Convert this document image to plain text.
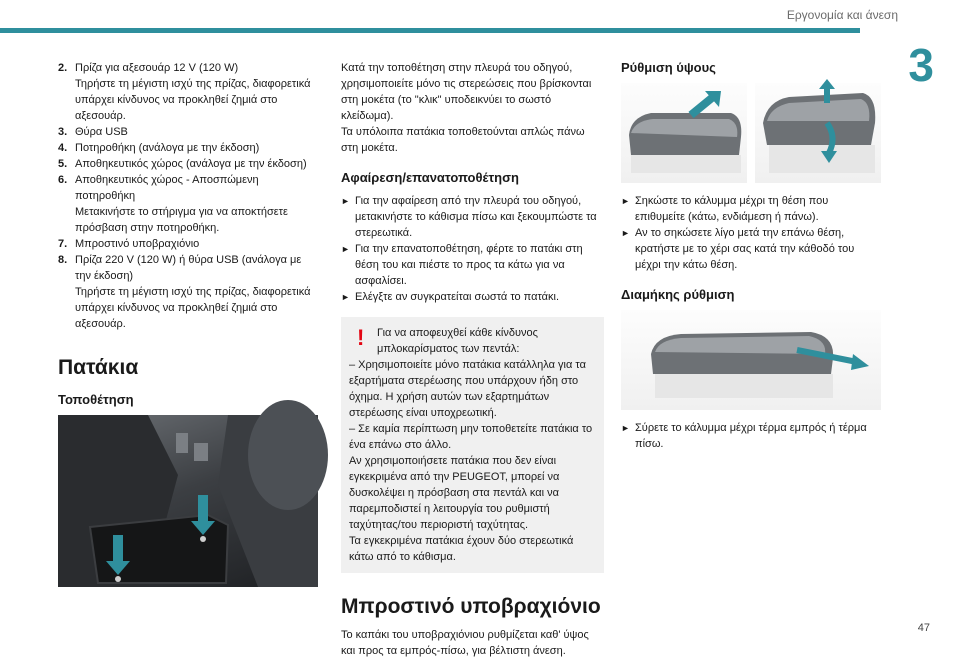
Εργονομία και άνεση
3
2. Πρίζα για αξεσουάρ 12 V (120 W)
Τηρήστε τη μέγιστη ισχύ της πρίζας, διαφορετικά υπάρχει κίνδυνος να προκληθεί ζημιά στο αξεσουάρ.
3. Θύρα USB
4. Ποτηροθήκη (ανάλογα με την έκδοση)
5. Αποθηκευτικός χώρος (ανάλογα με την έκδοση)
6. Αποθηκευτικός χώρος - Αποσπώμενη ποτηροθήκη
Μετακινήστε το στήριγμα για να αποκτήσετε πρόσβαση στην ποτηροθήκη.
7. Μπροστινό υποβραχιόνιο
8. Πρίζα 220 V (120 W) ή θύρα USB (ανάλογα με την έκδοση)
Τηρήστε τη μέγιστη ισχύ της πρίζας, διαφορετικά υπάρχει κίνδυνος να προκληθεί ζημιά στο αξεσουάρ.
Πατάκια
Τοποθέτηση

Κατά την τοποθέτηση στην πλευρά του οδηγού, χρησιμοποιείτε μόνο τις στερεώσεις που βρίσκονται στη μοκέτα (το "κλικ" υποδεικνύει το σωστό κλείδωμα).

Τα υπόλοιπα πατάκια τοποθετούνται απλώς πάνω στη μοκέτα.

Αφαίρεση/επανατοποθέτηση
► Για την αφαίρεση από την πλευρά του οδηγού, μετακινήστε το κάθισμα πίσω και ξεκουμπώστε τα στερεωτικά.
► Για την επανατοποθέτηση, φέρτε το πατάκι στη θέση του και πιέστε το προς τα κάτω για να ασφαλίσει.
► Ελέγξτε αν συγκρατείται σωστά το πατάκι.
!	Για να αποφευχθεί κάθε κίνδυνος μπλοκαρίσματος των πεντάλ:

– Χρησιμοποιείτε μόνο πατάκια κατάλληλα για τα εξαρτήματα στερέωσης που υπάρχουν ήδη στο όχημα. Η χρήση αυτών των εξαρτημάτων στερέωσης είναι υποχρεωτική.

– Σε καμία περίπτωση μην τοποθετείτε πατάκια το ένα επάνω στο άλλο.

Αν χρησιμοποιήσετε πατάκια που δεν είναι εγκεκριμένα από την PEUGEOT, μπορεί να δυσκολέψει η πρόσβαση στα πεντάλ και να παρεμποδιστεί η λειτουργία του ρυθμιστή ταχύτητας/του περιοριστή ταχύτητας.

Τα εγκεκριμένα πατάκια έχουν δύο στερεωτικά κάτω από το κάθισμα.

Μπροστινό υποβραχιόνιο

Το καπάκι του υποβραχιόνιου ρυθμίζεται καθ' ύψος και προς τα εμπρός-πίσω, για βέλτιστη άνεση.

Ρύθμιση ύψους
► Σηκώστε το κάλυμμα μέχρι τη θέση που επιθυμείτε (κάτω, ενδιάμεση ή πάνω).
► Αν το σηκώσετε λίγο μετά την επάνω θέση, κρατήστε με το χέρι σας κατά την κάθοδό του μέχρι την κάτω θέση.
Διαμήκης ρύθμιση
► Σύρετε το κάλυμμα μέχρι τέρμα εμπρός ή τέρμα πίσω.
47
